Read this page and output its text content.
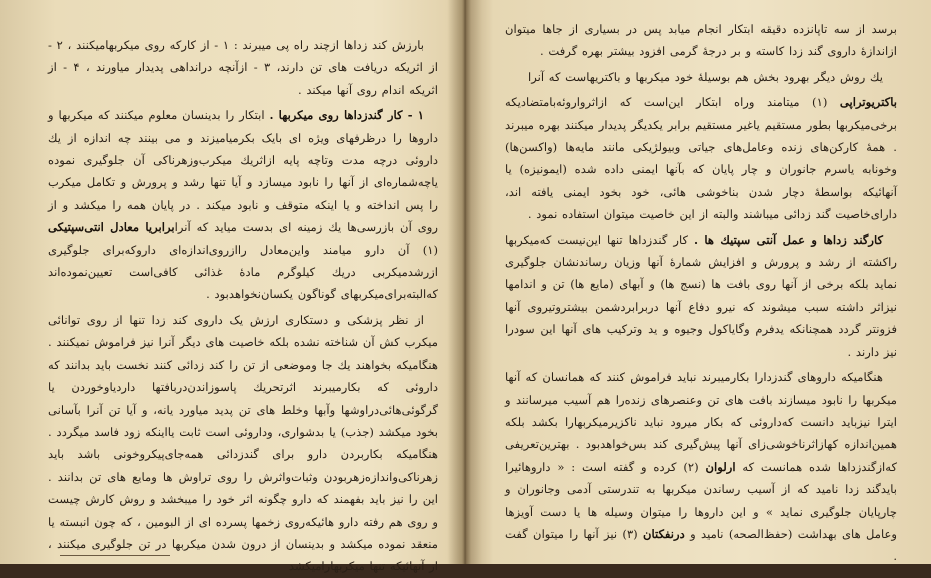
بارزش کند زداها ازچند راه پی میبرند : ۱ - از کارکه روی میکربهامیکنند ، ۲ - از اثریکه دریافت های تن دارند، ۳ - ازآنچه درانداهی پدیدار میاورند ، ۴ - از اثریکه اندام روی آنها میکند .

۱ - کار گندزداها روی میکربها . ابتکار را بدینسان معلوم میکنند که میکربها و داروها را درظرفهای ویژه ای بایک بکرمیامیزند و می بینند چه اندازه از یك داروئی درچه مدت وتاچه پایه ازاثریك میکرب‌وزهرناکی آن جلوگیری نموده یاچه‌شماره‌ای از آنها را نابود میسازد و آیا تنها رشد و پرورش و تکامل میکرب را پس انداخته و یا اینکه متوقف و نابود میکند . در پایان همه را میکشد و از روی آن بازرسی‌ها یك زمینه ای بدست میاید که آنرابرابریا معادل انتی‌سپتیکی (۱) آن دارو میامند واین‌معادل راازروی‌اندازه‌ای داروکه‌برای جلوگیری ازرشدمیکربی دریك کیلوگرم مادهٔ غذائی کافی‌است تعیین‌نموده‌اند که‌البته‌برای‌میکربهای گوناگون یکسان‌نخواهدبود .

از نظر پزشکی و دستکاری ارزش یک داروی کند زدا تنها از روی توانائی میکرب کش آن شناخته نشده بلکه خاصیت های دیگر آنرا نیز فراموش نمیکنند . هنگامیکه بخواهند یك جا وموضعی از تن را کند زدائی کنند نخست باید بدانند که داروئی که بکارمیبرند اثرتحریك پاسوزاندن‌دربافتها داردیاوخوردن یا گرگوئی‌هائی‌دراوشها وآبها وخلط های تن پدید میاورد یانه، و آیا تن آنرا بآسانی بخود میکشد (جذب) یا بدشواری، وداروئی است ثابت یااینکه زود فاسد میگردد . هنگامیکه بکاربردن دارو برای گندزدائی همه‌جای‌پیکروخونی باشد باید زهرناکی‌واندازه‌زهربودن وثبات‌واثرش را روی تراوش ها ومایع های تن بدانند . این را نیز باید بفهمند که دارو چگونه اثر خود را میبخشد و روش کارش چیست و روی هم رفته دارو هائیکه‌روی زخمها پسرده ای از البومین ، که چون انبسته یا منعقد نموده میکشد و بدینسان از درون شدن میکربها در تن جلوگیری میکنند ، از آنهائیکه تنها میکربهارامیکشد

برسد از سه تاپانزده دقیقه ابتکار انجام میابد پس در بسیاری از جاها میتوان ازاندازهٔ داروی گند زدا کاسته و بر درجهٔ گرمی افزود بیشتر بهره گرفت .

یك روش دیگر بهرود بخش هم بوسیلهٔ خود میکربها و باکتریهاست که آنرا

باکتریوتراپی (۱) میتامند وراه ابتکار این‌است که ازاثرواروئه‌بامتضادیکه برخی‌میکربها بطور مستقیم یاغیر مستقیم برابر یکدیگر پدیدار میکنند بهره میبرند . همهٔ کارکن‌های زنده وعامل‌های جیاتی وبیولژیکی مانند مایه‌ها (واکسن‌ها) وخونابه یاسرم جانوران و چار پایان که بآنها ایمنی داده شده (ایمونیزه) یا آنهائیکه بواسطهٔ دچار شدن بناخوشی هائی، خود بخود ایمنی یافته اند، دارای‌خاصیت گند زدائی میباشند والبته از این خاصیت میتوان استفاده نمود .

کارگند زداها و عمل آنتی سپتیك ها . کار گندزداها تنها این‌نیست که‌میکربها راکشته از رشد و پرورش و افزایش شمارهٔ آنها وزیان رساندنشان جلوگیری نماید بلکه برخی از آنها روی بافت ها (نسج ها) و آبهای (مایع ها) تن و اندامها نیزاثر داشته سبب میشوند که نیرو دفاع آنها دربرابردشمن بیشتروتیروی آنها فزونتر گردد همچنانکه یدفرم وگایاکول وجیوه و ید وترکیب های آنها این سودرا نیز دارند .

هنگامیکه داروهای گندزدارا بکارمیبرند نباید فراموش کنند که همانسان که آنها میکربها را نابود میسازند بافت های تن وعنصرهای زنده‌را هم آسیب میرسانند و ایترا نیزباید دانست که‌داروئی که بکار میرود نباید ناکزیرمیکربهارا بکشد بلکه همین‌اندازه کهازاثرناخوشی‌زای آنها پیش‌گیری کند بس‌خواهدبود . بهترین‌تعریفی که‌ازگندزداها شده همانست که ارلوان (۲) کرده و گفته است : « داروهائیرا باید‌گند زدا نامید که از آسیب رساندن میکربها به تندرستی آدمی وجانوران و چارپایان جلوگیری نماید » و این داروها را میتوان وسیله ها یا دست آویزها وعامل های بهداشت (حفظ‌الصحه) نامید و درنفکتان (۳) نیز آنها را میتوان گفت .
